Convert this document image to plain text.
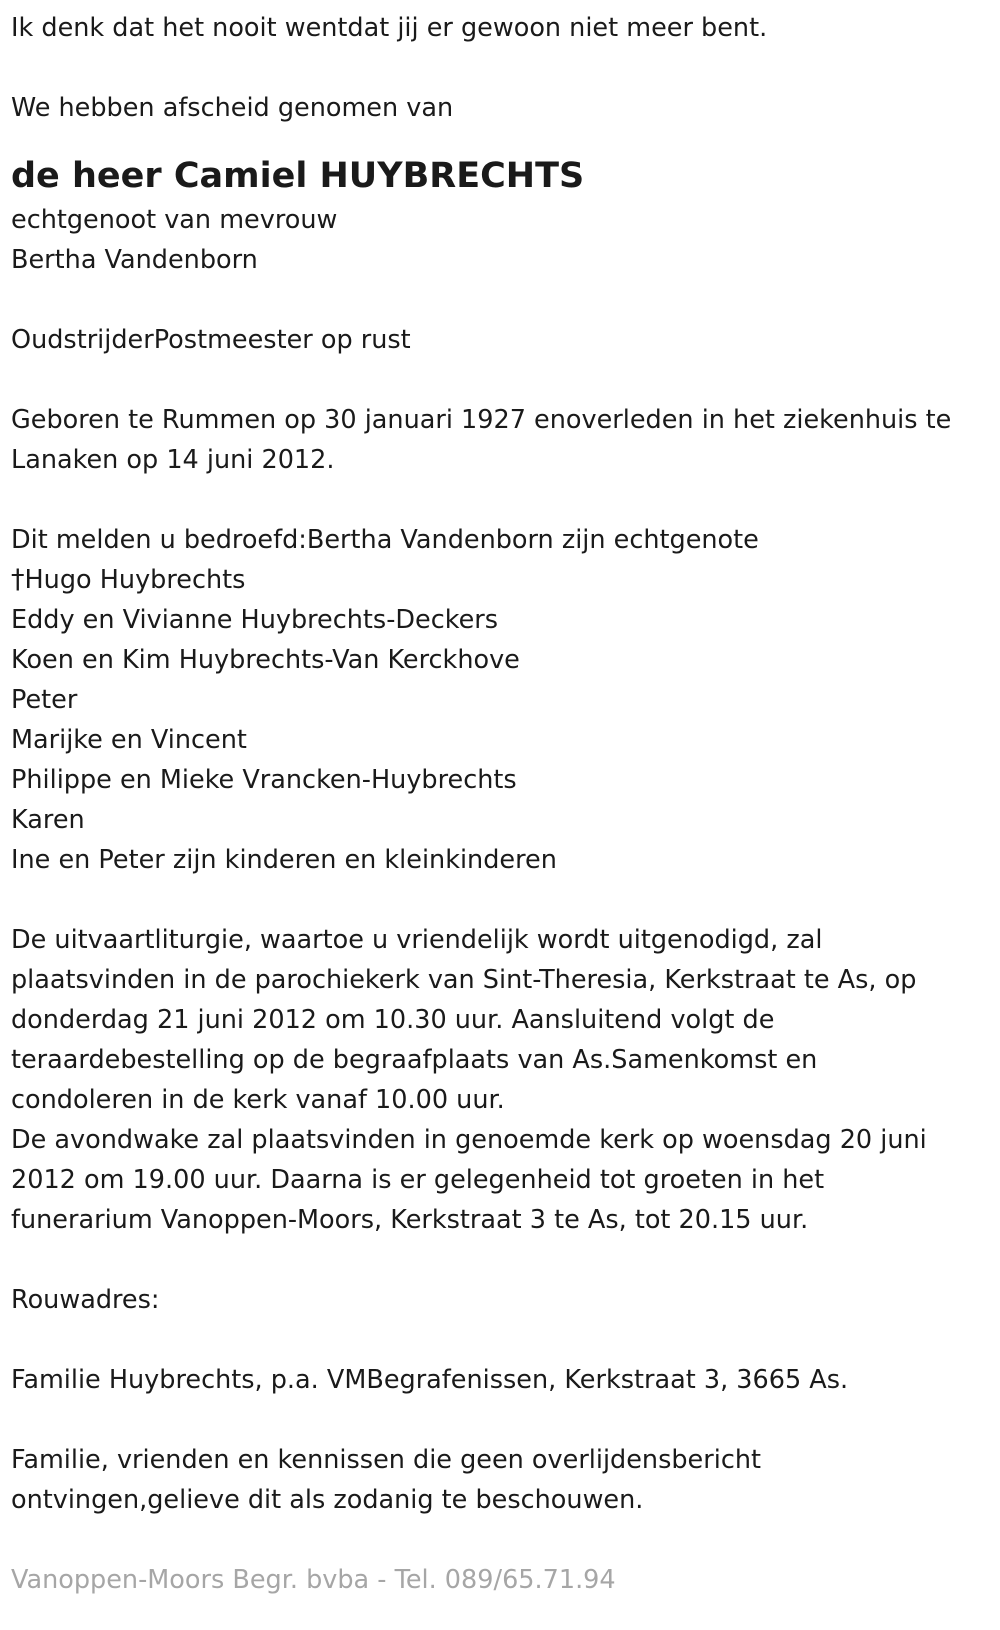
Ik denk dat het nooit wentdat jij er gewoon niet meer bent.

We hebben afscheid genomen van

de heer Camiel HUYBRECHTS

echtgenoot van mevrouw

Bertha Vandenborn

OudstrijderPostmeester op rust

Geboren te Rummen op 30 januari 1927 enoverleden in het ziekenhuis te

Lanaken op 14 juni 2012.

Dit melden u bedroefd:Bertha Vandenborn zijn echtgenote

†Hugo Huybrechts

Eddy en Vivianne Huybrechts-Deckers

Koen en Kim Huybrechts-Van Kerckhove

Peter

Marijke en Vincent

Philippe en Mieke Vrancken-Huybrechts

Karen

Ine en Peter zijn kinderen en kleinkinderen

De uitvaartliturgie, waartoe u vriendelijk wordt uitgenodigd, zal

plaatsvinden in de parochiekerk van Sint-Theresia, Kerkstraat te As, op

donderdag 21 juni 2012 om 10.30 uur. Aansluitend volgt de

teraardebestelling op de begraafplaats van As.Samenkomst en

condoleren in de kerk vanaf 10.00 uur.

De avondwake zal plaatsvinden in genoemde kerk op woensdag 20 juni

2012 om 19.00 uur. Daarna is er gelegenheid tot groeten in het

funerarium Vanoppen-Moors, Kerkstraat 3 te As, tot 20.15 uur.

Rouwadres:

Familie Huybrechts, p.a. VMBegrafenissen, Kerkstraat 3, 3665 As.

Familie, vrienden en kennissen die geen overlijdensbericht

ontvingen,gelieve dit als zodanig te beschouwen.

Vanoppen-Moors Begr. bvba - Tel. 089/65.71.94
